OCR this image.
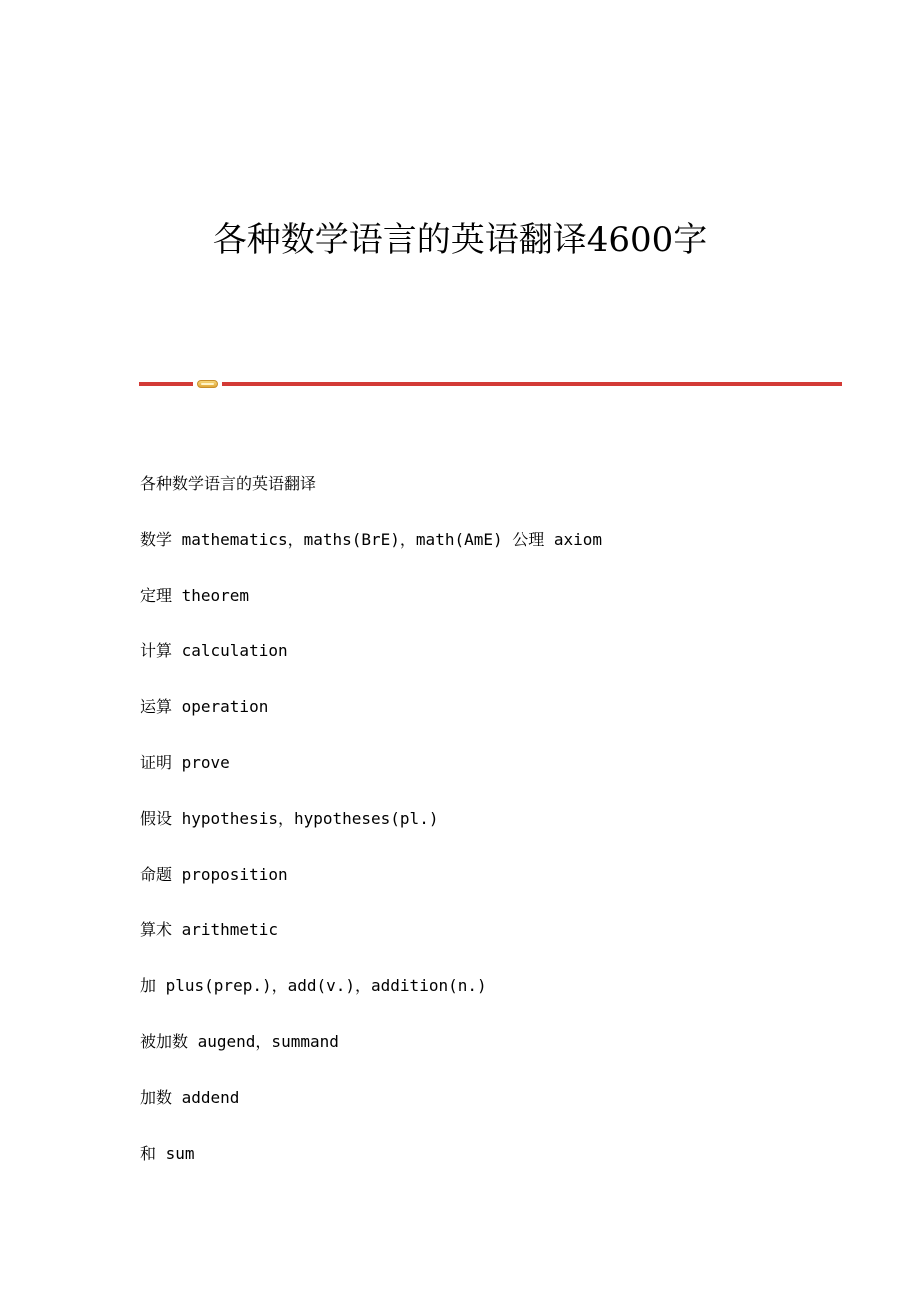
各种数学语言的英语翻译4600字
各种数学语言的英语翻译
数学 mathematics，maths(BrE)，math(AmE) 公理 axiom
定理 theorem
计算 calculation
运算 operation
证明 prove
假设 hypothesis，hypotheses(pl.)
命题 proposition
算术 arithmetic
加 plus(prep.)，add(v.)，addition(n.)
被加数 augend，summand
加数 addend
和 sum
